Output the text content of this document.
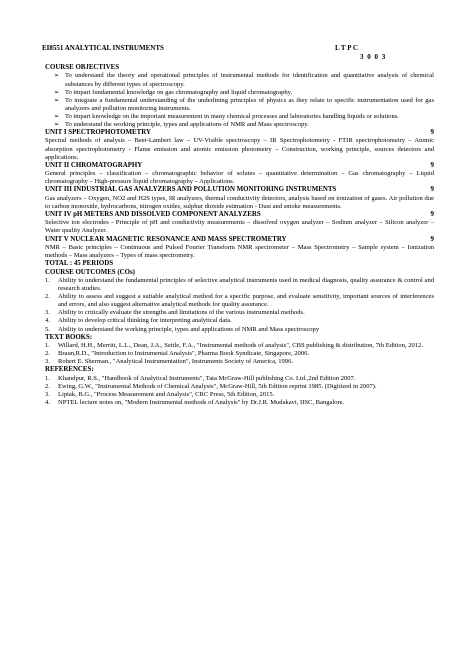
EI8551 ANALYTICAL INSTRUMENTS	L T P C
3 0 0 3
COURSE OBJECTIVES
➢ To understand the theory and operational principles of instrumental methods for identification and quantitative analysis of chemical substances by different types of spectroscopy.
➢ To impart fundamental knowledge on gas chromatography and liquid chromatography.
➢ To integrate a fundamental understanding of the underlining principles of physics as they relate to specific instrumentation used for gas analyzers and pollution monitoring instruments.
➢ To impart knowledge on the important measurement in many chemical processes and laboratories handling liquids or solutions.
➢ To understand the working principle, types and applications of NMR and Mass spectroscopy.
UNIT I SPECTROPHOTOMETRY	9
Spectral methods of analysis – Beer-Lambert law – UV-Visible spectroscopy – IR Spectrophotometry - FTIR spectrophotometry – Atomic absorption spectrophotometry - Flame emission and atomic emission photometry – Construction, working principle, sources detectors and applications.
UNIT II CHROMATOGRAPHY	9
General principles – classification – chromatographic behavior of solutes – quantitative determination – Gas chromatography – Liquid chromatography – High-pressure liquid chromatography – Applications.
UNIT III INDUSTRIAL GAS ANALYZERS AND POLLUTION MONITORING INSTRUMENTS	9
Gas analyzers – Oxygen, NO2 and H2S types, IR analyzers, thermal conductivity detectors, analysis based on ionization of gases. Air pollution due to carbon monoxide, hydrocarbons, nitrogen oxides, sulphur dioxide estimation - Dust and smoke measurements.
UNIT IV pH METERS AND DISSOLVED COMPONENT ANALYZERS	9
Selective ion electrodes - Principle of pH and conductivity measurements – dissolved oxygen analyzer – Sodium analyzer – Silicon analyzer – Water quality Analyzer.
UNIT V NUCLEAR MAGNETIC RESONANCE AND MASS SPECTROMETRY	9
NMR – Basic principles – Continuous and Pulsed Fourier Transform NMR spectrometer – Mass Spectrometry – Sample system – Ionization methods – Mass analyzers – Types of mass spectrometry.
TOTAL : 45 PERIODS
COURSE OUTCOMES (COs)
1. Ability to understand the fundamental principles of selective analytical instruments used in medical diagnosis, quality assurance & control and research studies.
2. Ability to assess and suggest a suitable analytical method for a specific purpose, and evaluate sensitivity, important sources of interferences and errors, and also suggest alternative analytical methods for quality assurance.
3. Ability to critically evaluate the strengths and limitations of the various instrumental methods.
4. Ability to develop critical thinking for interpreting analytical data.
5. Ability to understand the working principle, types and applications of NMR and Mass spectroscopy
TEXT BOOKS:
1. Willard, H.H., Merritt, L.L., Dean, J.A., Settle, F.A., "Instrumental methods of analysis", CBS publishing & distribution, 7th Edition, 2012.
2. Braun,R.D., "Introduction to Instrumental Analysis", Pharma Book Syndicate, Singapore, 2006.
3. Robert E. Sherman., "Analytical Instrumentation", Instruments Society of America, 1996.
REFERENCES:
1. Khandpur, R.S., "Handbook of Analytical Instruments", Tata McGraw-Hill publishing Co. Ltd.,2nd Edition 2007.
2. Ewing, G.W., "Instrumental Methods of Chemical Analysis", McGraw-Hill, 5th Edition reprint 1985. (Digitized in 2007).
3. Liptak, B.G., "Process Measurement and Analysis", CRC Press, 5th Edition, 2015.
4. NPTEL lecture notes on, "Modern Instrumental methods of Analysis" by Dr.J.R. Mudakavi, IISC, Bangalore.
